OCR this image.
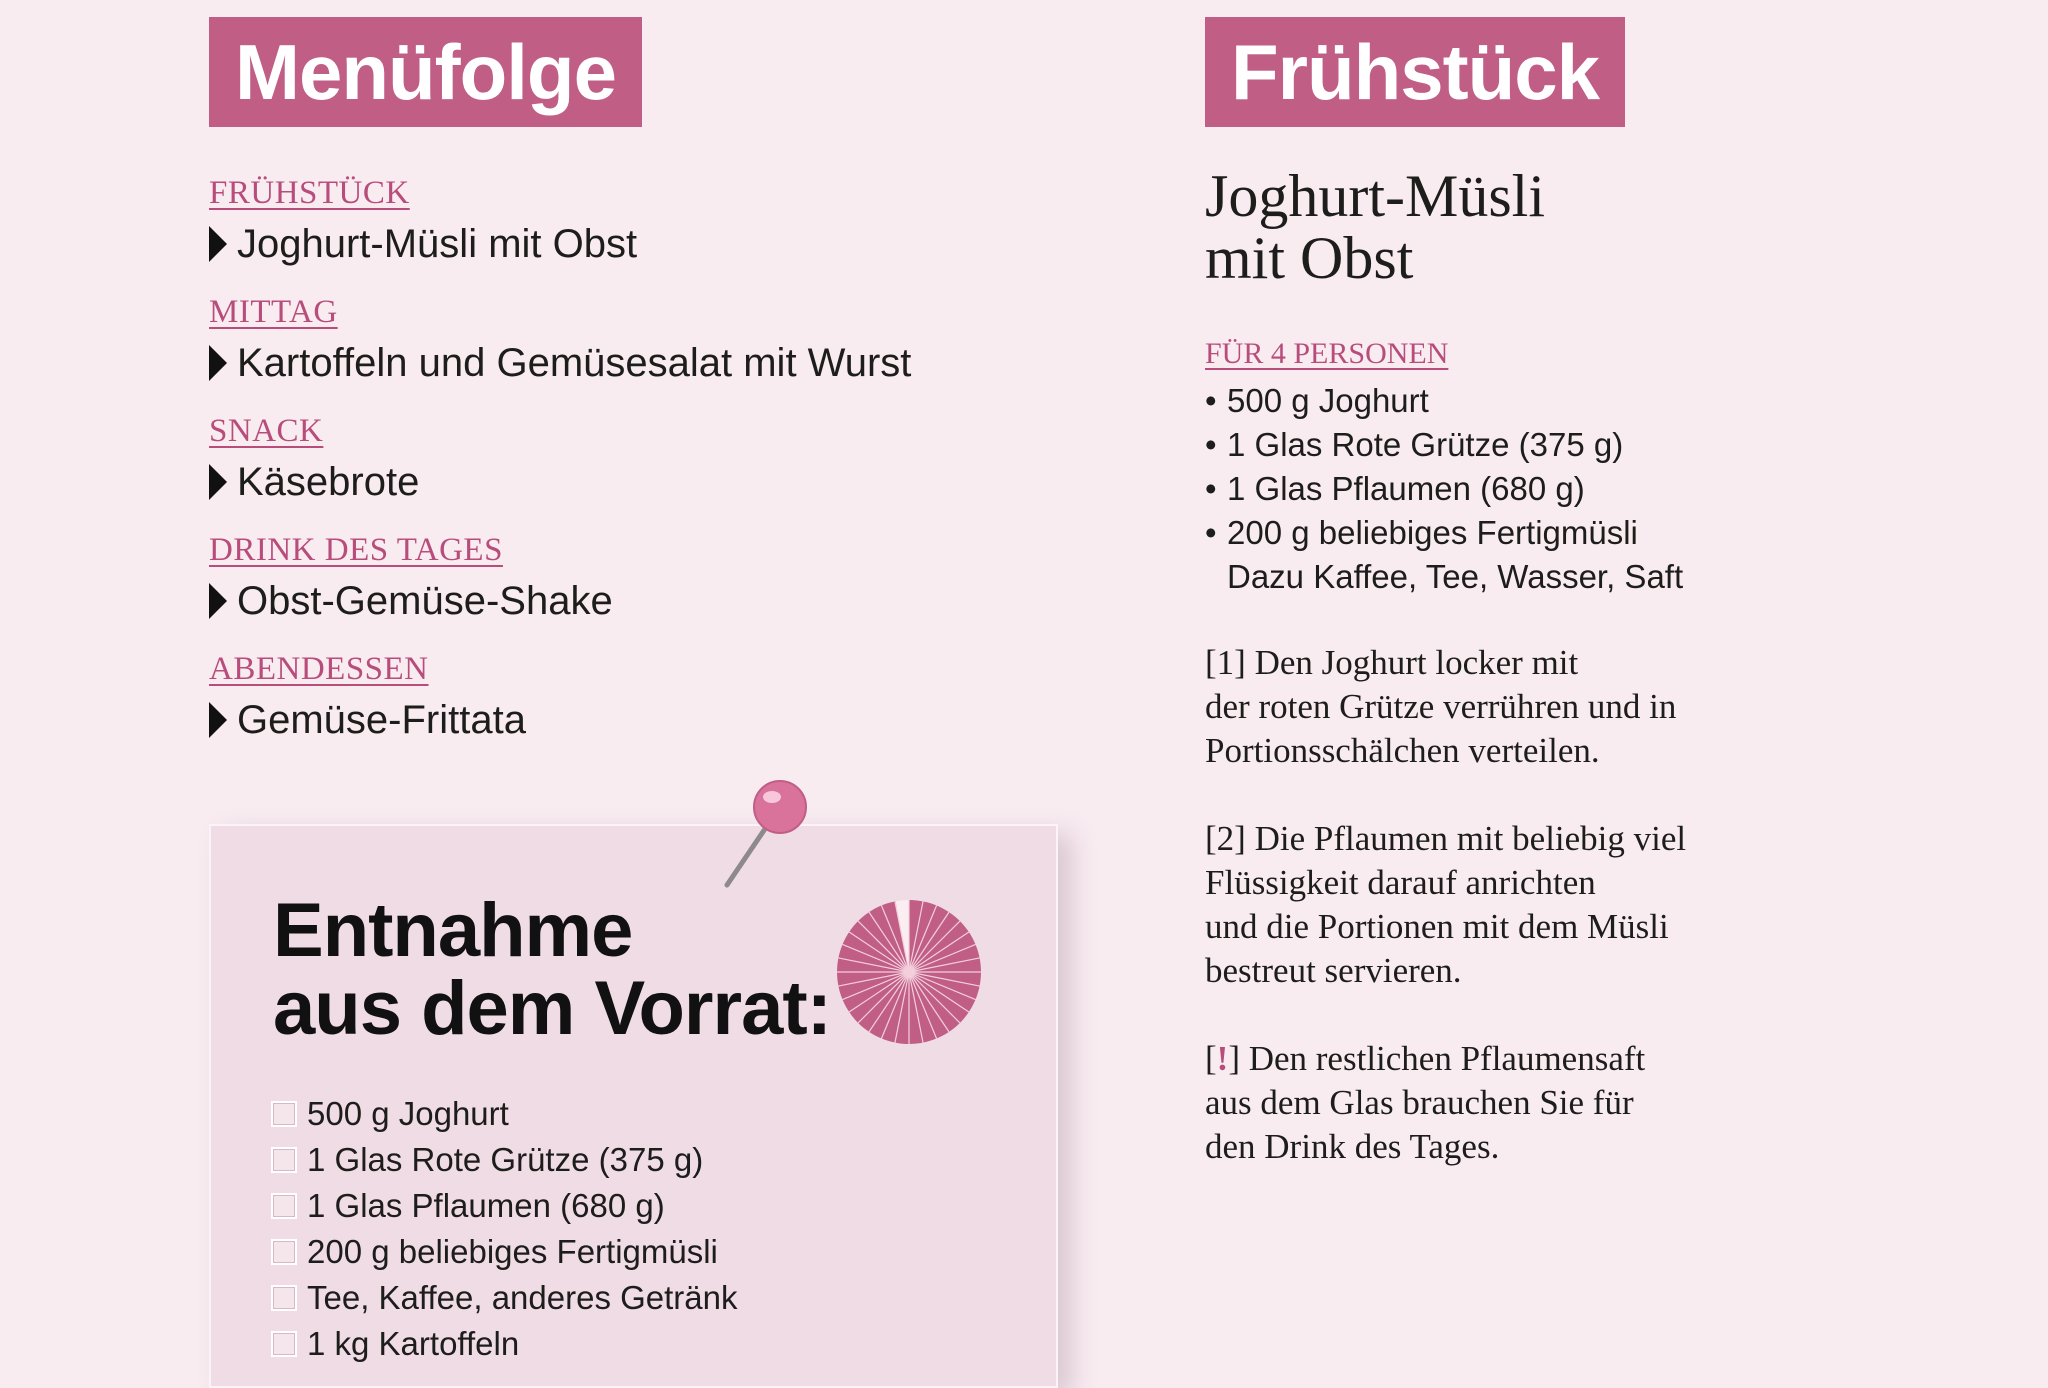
Menüfolge
FRÜHSTÜCK
Joghurt-Müsli mit Obst
MITTAG
Kartoffeln und Gemüsesalat mit Wurst
SNACK
Käsebrote
DRINK DES TAGES
Obst-Gemüse-Shake
ABENDESSEN
Gemüse-Frittata
Entnahme
aus dem Vorrat:
500 g Joghurt
1 Glas Rote Grütze (375 g)
1 Glas Pflaumen (680 g)
200 g beliebiges Fertigmüsli
Tee, Kaffee, anderes Getränk
1 kg Kartoffeln
Frühstück
Joghurt-Müsli
mit Obst
FÜR 4 PERSONEN
• 500 g Joghurt
• 1 Glas Rote Grütze (375 g)
• 1 Glas Pflaumen (680 g)
• 200 g beliebiges Fertigmüsli
Dazu Kaffee, Tee, Wasser, Saft

[1] Den Joghurt locker mit
der roten Grütze verrühren und in
Portionsschälchen verteilen.

[2] Die Pflaumen mit beliebig viel
Flüssigkeit darauf anrichten
und die Portionen mit dem Müsli
bestreut servieren.

[!] Den restlichen Pflaumensaft
aus dem Glas brauchen Sie für
den Drink des Tages.
